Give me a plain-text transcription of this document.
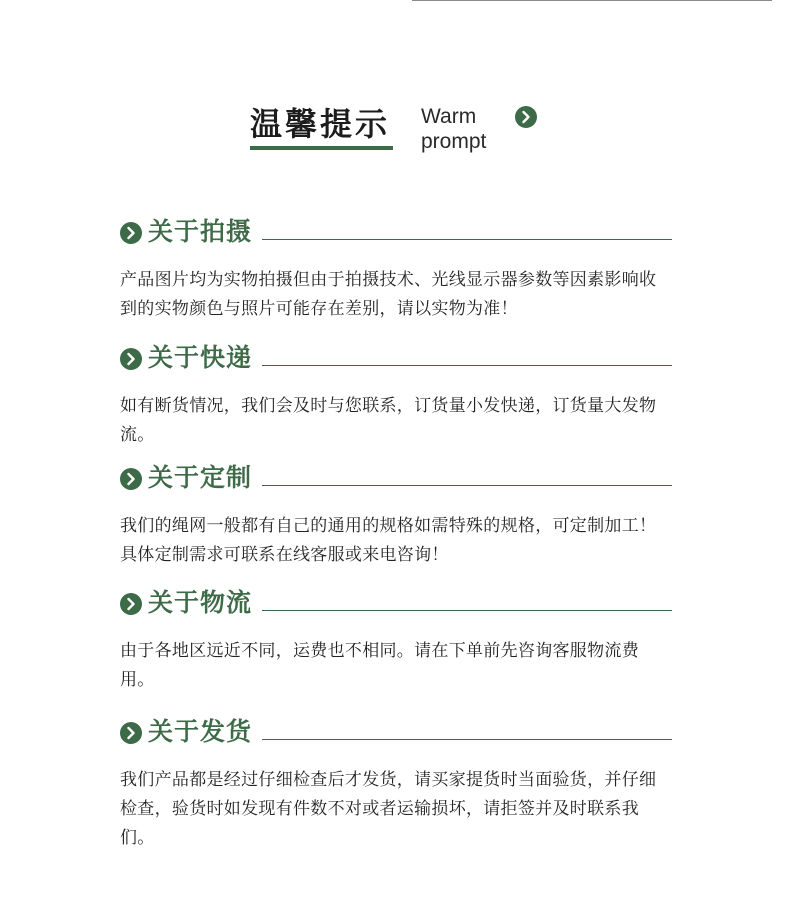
温馨提示 Warm
prompt
关于拍摄
产品图片均为实物拍摄但由于拍摄技术、光线显示器参数等因素影响收到的实物颜色与照片可能存在差别，请以实物为准！
关于快递
如有断货情况，我们会及时与您联系，订货量小发快递，订货量大发物流。
关于定制
我们的绳网一般都有自己的通用的规格如需特殊的规格，可定制加工！具体定制需求可联系在线客服或来电咨询！
关于物流
由于各地区远近不同，运费也不相同。请在下单前先咨询客服物流费用。
关于发货
我们产品都是经过仔细检查后才发货，请买家提货时当面验货，并仔细检查，验货时如发现有件数不对或者运输损坏，请拒签并及时联系我们。
